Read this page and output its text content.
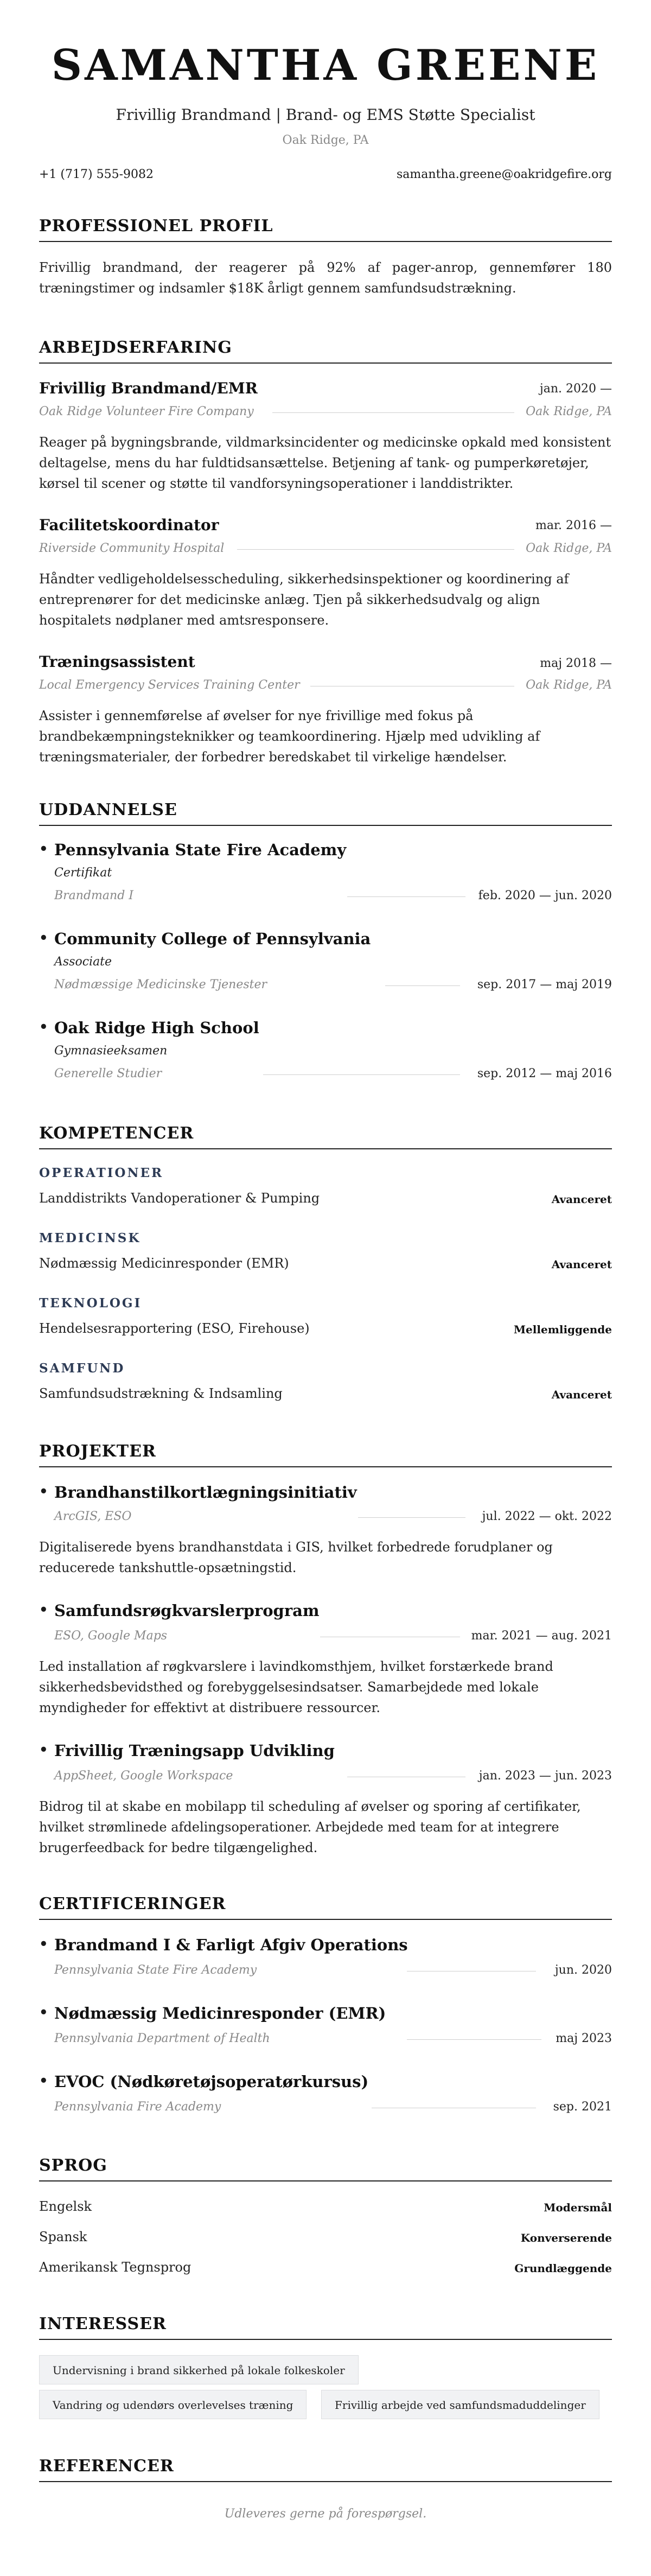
SAMANTHA GREENE
Frivillig Brandmand | Brand- og EMS Støtte Specialist
Oak Ridge, PA
+1 (717) 555-9082	samantha.greene@oakridgefire.org
PROFESSIONEL PROFIL
Frivillig brandmand, der reagerer på 92% af pager-anrop, gennemfører 180 træningstimer og indsamler $18K årligt gennem samfundsudstrækning.
ARBEJDSERFARING
Frivillig Brandmand/EMR	jan. 2020 —
Oak Ridge Volunteer Fire Company	Oak Ridge, PA
Reager på bygningsbrande, vildmarksincidenter og medicinske opkald med konsistent deltagelse, mens du har fuldtidsansættelse. Betjening af tank- og pumperkøretøjer, kørsel til scener og støtte til vandforsyningsoperationer i landdistrikter.
Facilitetskoordinator	mar. 2016 —
Riverside Community Hospital	Oak Ridge, PA
Håndter vedligeholdelsesscheduling, sikkerhedsinspektioner og koordinering af entreprenører for det medicinske anlæg. Tjen på sikkerhedsudvalg og align hospitalets nødplaner med amtsresponsere.
Træningsassistent	maj 2018 —
Local Emergency Services Training Center	Oak Ridge, PA
Assister i gennemførelse af øvelser for nye frivillige med fokus på brandbekæmpningsteknikker og teamkoordinering. Hjælp med udvikling af træningsmaterialer, der forbedrer beredskabet til virkelige hændelser.
UDDANNELSE
• Pennsylvania State Fire Academy
Certifikat
Brandmand I	feb. 2020 — jun. 2020
• Community College of Pennsylvania
Associate
Nødmæssige Medicinske Tjenester	sep. 2017 — maj 2019
• Oak Ridge High School
Gymnasieeksamen
Generelle Studier	sep. 2012 — maj 2016
KOMPETENCER
OPERATIONER
Landdistrikts Vandoperationer & Pumping	Avanceret
MEDICINSK
Nødmæssig Medicinresponder (EMR)	Avanceret
TEKNOLOGI
Hendelsesrapportering (ESO, Firehouse)	Mellemliggende
SAMFUND
Samfundsudstrækning & Indsamling	Avanceret
PROJEKTER
• Brandhanstilkortlægningsinitiativ
ArcGIS, ESO	jul. 2022 — okt. 2022
Digitaliserede byens brandhanstdata i GIS, hvilket forbedrede forudplaner og reducerede tankshuttle-opsætningstid.
• Samfundsrøgkvarslerprogram
ESO, Google Maps	mar. 2021 — aug. 2021
Led installation af røgkvarslere i lavindkomsthjem, hvilket forstærkede brand sikkerhedsbevidsthed og forebyggelsesindsatser. Samarbejdede med lokale myndigheder for effektivt at distribuere ressourcer.
• Frivillig Træningsapp Udvikling
AppSheet, Google Workspace	jan. 2023 — jun. 2023
Bidrog til at skabe en mobilapp til scheduling af øvelser og sporing af certifikater, hvilket strømlinede afdelingsoperationer. Arbejdede med team for at integrere brugerfeedback for bedre tilgængelighed.
CERTIFICERINGER
• Brandmand I & Farligt Afgiv Operations
Pennsylvania State Fire Academy	jun. 2020
• Nødmæssig Medicinresponder (EMR)
Pennsylvania Department of Health	maj 2023
• EVOC (Nødkøretøjsoperatørkursus)
Pennsylvania Fire Academy	sep. 2021
SPROG
Engelsk	Modersmål
Spansk	Konverserende
Amerikansk Tegnsprog	Grundlæggende
INTERESSER
Undervisning i brand sikkerhed på lokale folkeskoler
Vandring og udendørs overlevelses træning	Frivillig arbejde ved samfundsmaduddelinger
REFERENCER
Udleveres gerne på forespørgsel.
